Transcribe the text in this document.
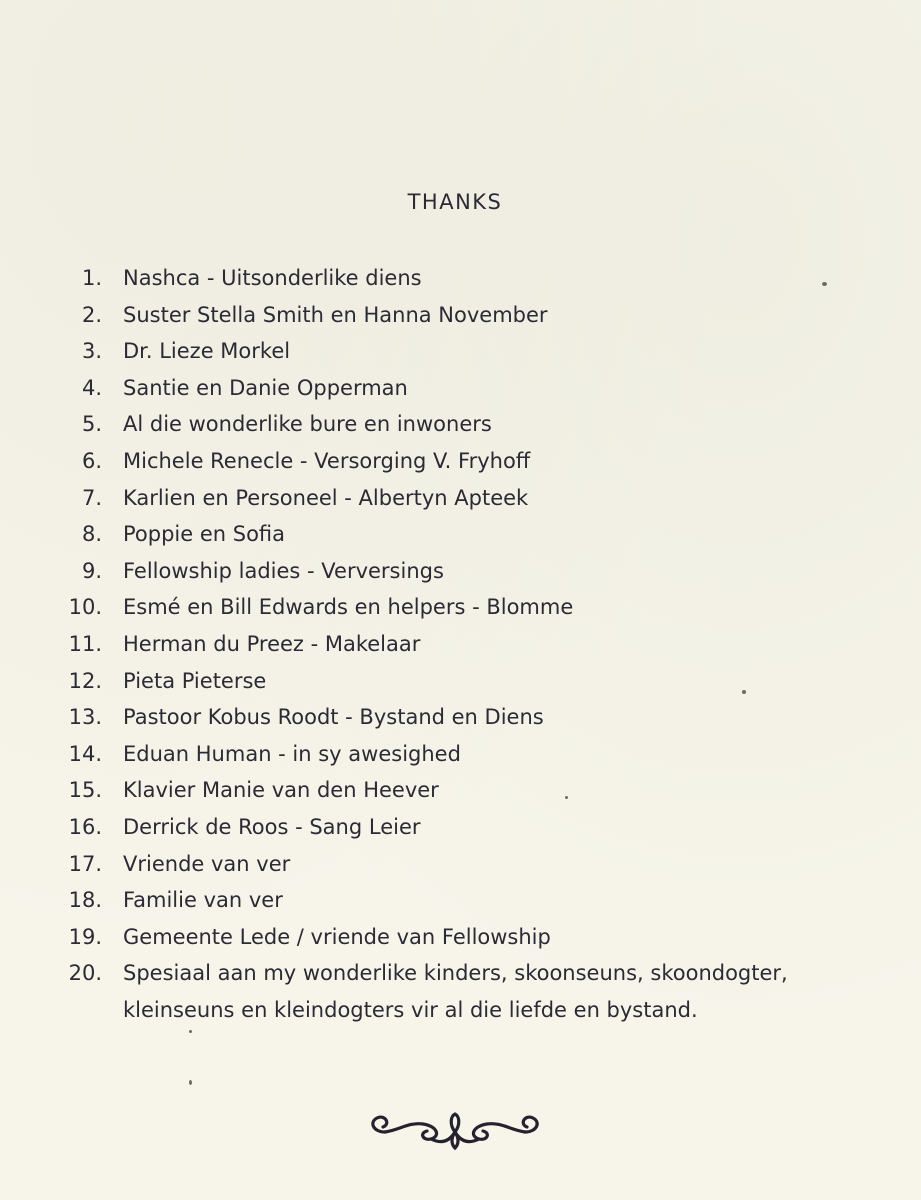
THANKS
1.	Nashca - Uitsonderlike diens
2.	Suster Stella Smith en Hanna November
3.	Dr. Lieze Morkel
4.	Santie en Danie Opperman
5.	Al die wonderlike bure en inwoners
6.	Michele Renecle - Versorging V. Fryhoff
7.	Karlien en Personeel - Albertyn Apteek
8.	Poppie en Sofia
9.	Fellowship ladies - Verversings
10.	Esmé en Bill Edwards en helpers - Blomme
11.	Herman du Preez - Makelaar
12.	Pieta Pieterse
13.	Pastoor Kobus Roodt - Bystand en Diens
14.	Eduan Human - in sy awesighed
15.	Klavier Manie van den Heever
16.	Derrick de Roos - Sang Leier
17.	Vriende van ver
18.	Familie van ver
19.	Gemeente Lede / vriende van Fellowship
20.	Spesiaal aan my wonderlike kinders, skoonseuns, skoondogter, kleinseuns en kleindogters vir al die liefde en bystand.
